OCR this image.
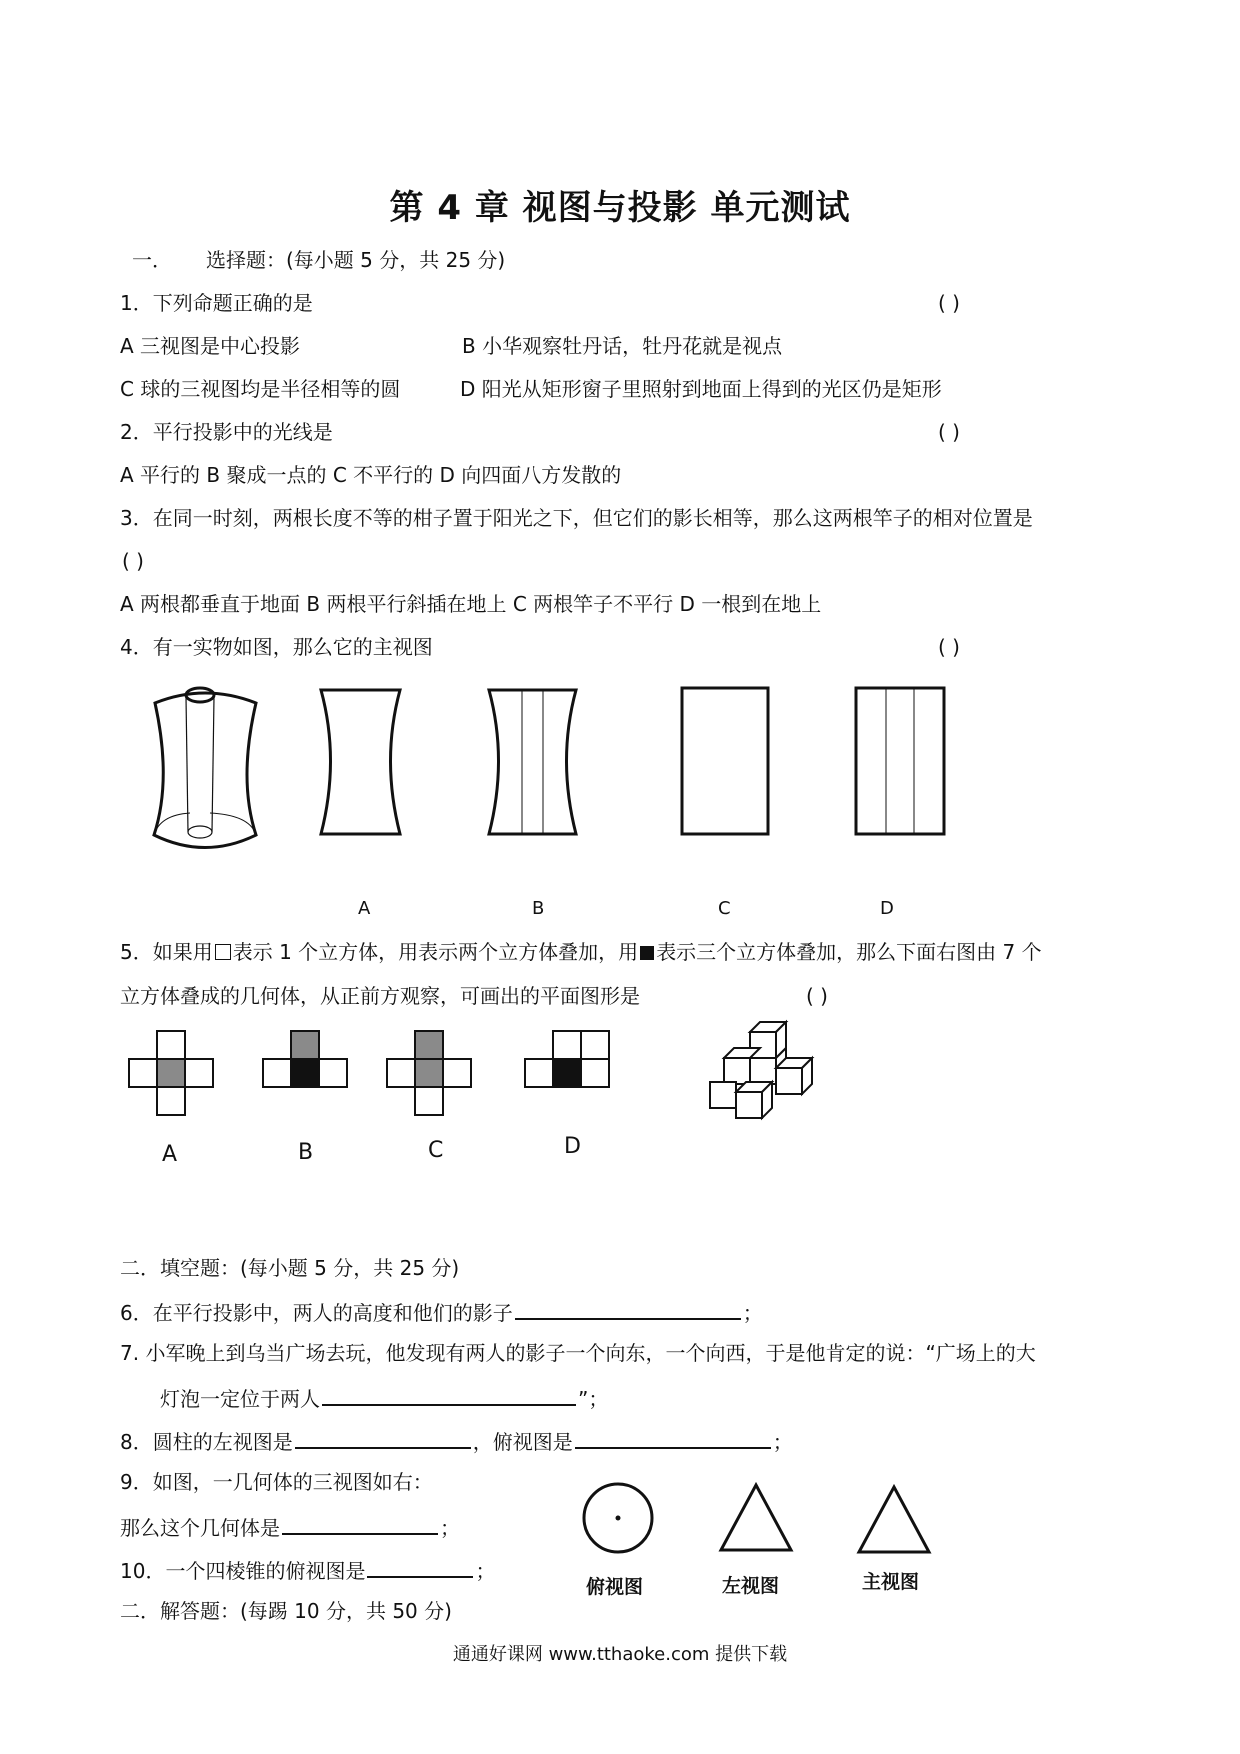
第 4 章 视图与投影 单元测试
一． 选择题：(每小题 5 分，共 25 分)
1．下列命题正确的是	( )
A 三视图是中心投影	B 小华观察牡丹话，牡丹花就是视点
C 球的三视图均是半径相等的圆	D 阳光从矩形窗子里照射到地面上得到的光区仍是矩形
2．平行投影中的光线是	( )
A 平行的 B 聚成一点的 C 不平行的 D 向四面八方发散的
3．在同一时刻，两根长度不等的柑子置于阳光之下，但它们的影长相等，那么这两根竿子的相对位置是
( )
A 两根都垂直于地面 B 两根平行斜插在地上 C 两根竿子不平行 D 一根到在地上
4．有一实物如图，那么它的主视图	( )
A	B	C	D
5．如果用 表示 1 个立方体，用表示两个立方体叠加，用 表示三个立方体叠加，那么下面右图由 7 个
立方体叠成的几何体，从正前方观察，可画出的平面图形是	( )
A	B	C	D
二．填空题：(每小题 5 分，共 25 分)
6．在平行投影中，两人的高度和他们的影子	；
7. 小军晚上到乌当广场去玩，他发现有两人的影子一个向东，一个向西，于是他肯定的说：“广场上的大
灯泡一定位于两人	”；
8．圆柱的左视图是	，俯视图是	；
9．如图，一几何体的三视图如右：
那么这个几何体是	；
10．一个四棱锥的俯视图是	；
俯视图	左视图	主视图
二．解答题：(每踢 10 分，共 50 分)
通通好课网 www.tthaoke.com 提供下载
